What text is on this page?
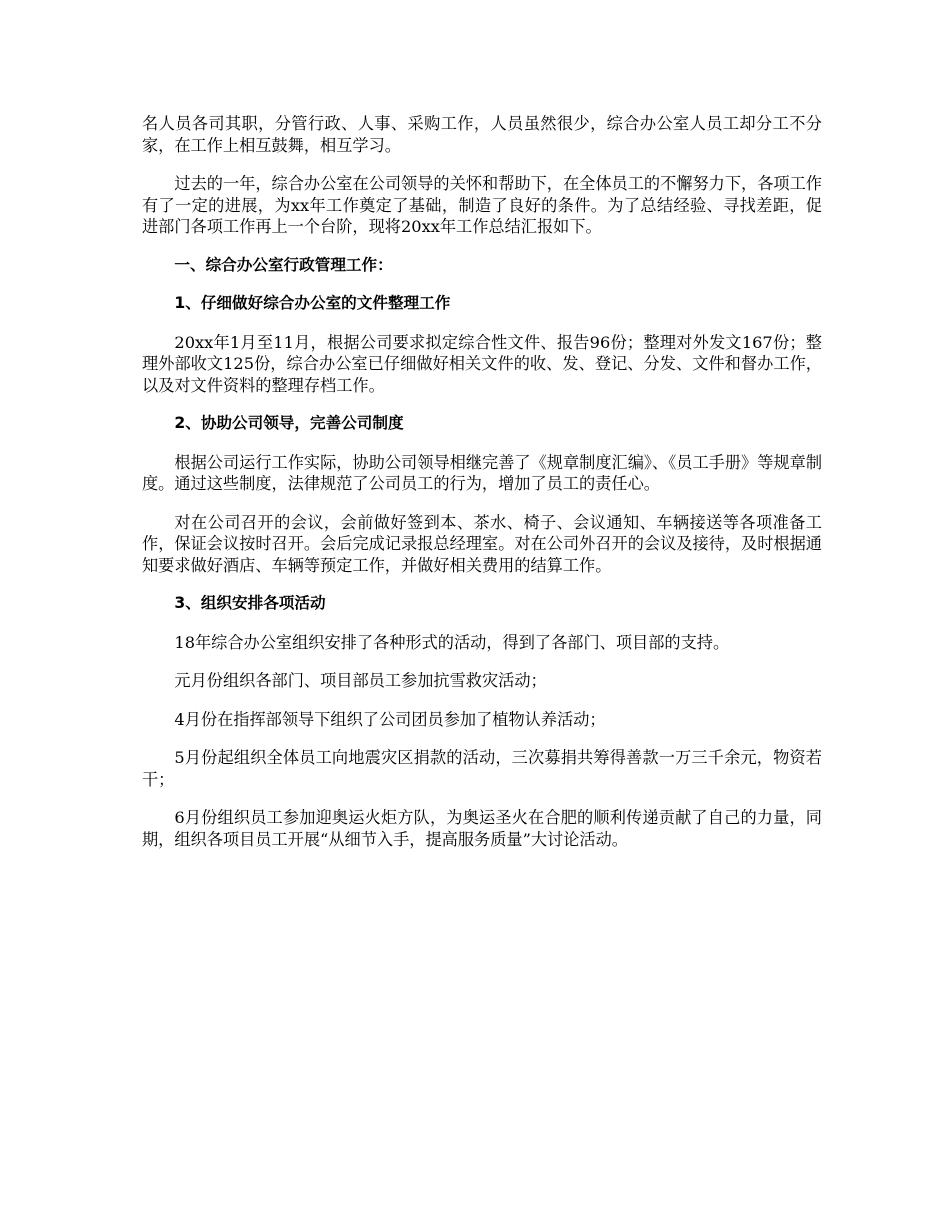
名人员各司其职，分管行政、人事、采购工作，人员虽然很少，综合办公室人员工却分工不分家，在工作上相互鼓舞，相互学习。

过去的一年，综合办公室在公司领导的关怀和帮助下，在全体员工的不懈努力下，各项工作有了一定的进展，为xx年工作奠定了基础，制造了良好的条件。为了总结经验、寻找差距，促进部门各项工作再上一个台阶，现将20xx年工作总结汇报如下。

一、综合办公室行政管理工作：

1、仔细做好综合办公室的文件整理工作

20xx年1月至11月，根据公司要求拟定综合性文件、报告96份；整理对外发文167份；整理外部收文125份，综合办公室已仔细做好相关文件的收、发、登记、分发、文件和督办工作，以及对文件资料的整理存档工作。

2、协助公司领导，完善公司制度

根据公司运行工作实际，协助公司领导相继完善了《规章制度汇编》、《员工手册》等规章制度。通过这些制度，法律规范了公司员工的行为，增加了员工的责任心。

对在公司召开的会议，会前做好签到本、茶水、椅子、会议通知、车辆接送等各项准备工作，保证会议按时召开。会后完成记录报总经理室。对在公司外召开的会议及接待，及时根据通知要求做好酒店、车辆等预定工作，并做好相关费用的结算工作。

3、组织安排各项活动

18年综合办公室组织安排了各种形式的活动，得到了各部门、项目部的支持。

元月份组织各部门、项目部员工参加抗雪救灾活动；

4月份在指挥部领导下组织了公司团员参加了植物认养活动；

5月份起组织全体员工向地震灾区捐款的活动，三次募捐共筹得善款一万三千余元，物资若干；

6月份组织员工参加迎奥运火炬方队，为奥运圣火在合肥的顺利传递贡献了自己的力量，同期，组织各项目员工开展“从细节入手，提高服务质量”大讨论活动。
